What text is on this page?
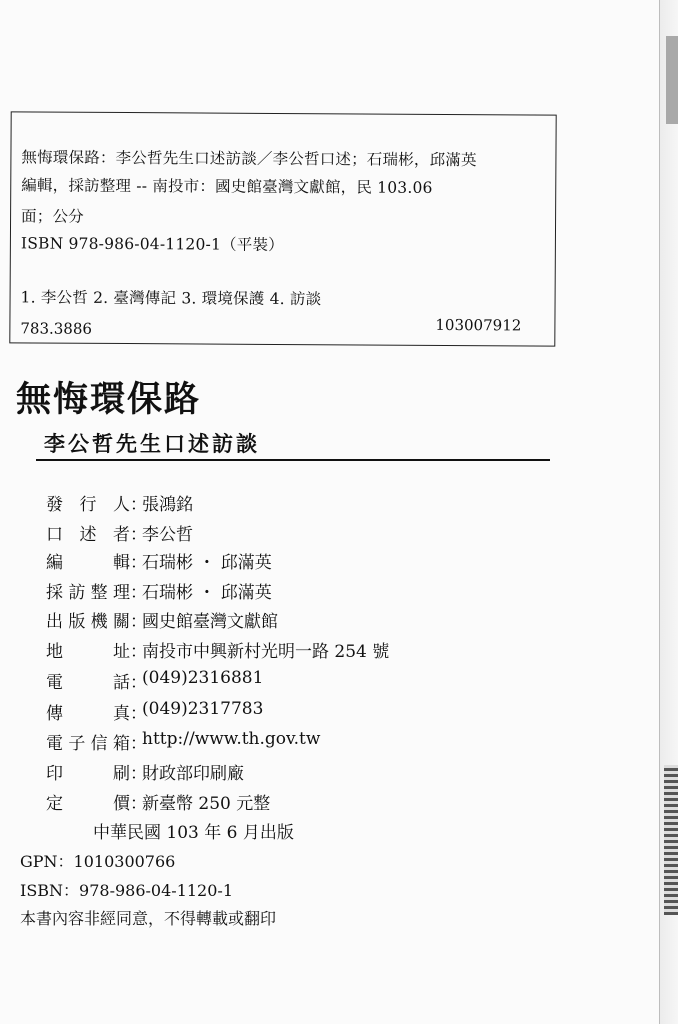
無悔環保路：李公哲先生口述訪談／李公哲口述；石瑞彬，邱滿英
編輯，採訪整理 -- 南投市：國史館臺灣文獻館，民 103.06
面；公分
ISBN 978-986-04-1120-1（平裝）
1. 李公哲 2. 臺灣傳記 3. 環境保護 4. 訪談
783.3886	103007912
無悔環保路
李公哲先生口述訪談
發行人 ：
張鴻銘
口述者 ：
李公哲
編輯 ：
石瑞彬 ・ 邱滿英
採訪整理 ：
石瑞彬 ・ 邱滿英
出版機關 ：
國史館臺灣文獻館
地址 ：
南投市中興新村光明一路 254 號
電話 ：
(049)2316881
傳真 ：
(049)2317783
電子信箱 ：
http://www.th.gov.tw
印刷 ：
財政部印刷廠
定價 ：
新臺幣 250 元整
中華民國 103 年 6 月出版
GPN：1010300766
ISBN：978-986-04-1120-1
本書內容非經同意，不得轉載或翻印
